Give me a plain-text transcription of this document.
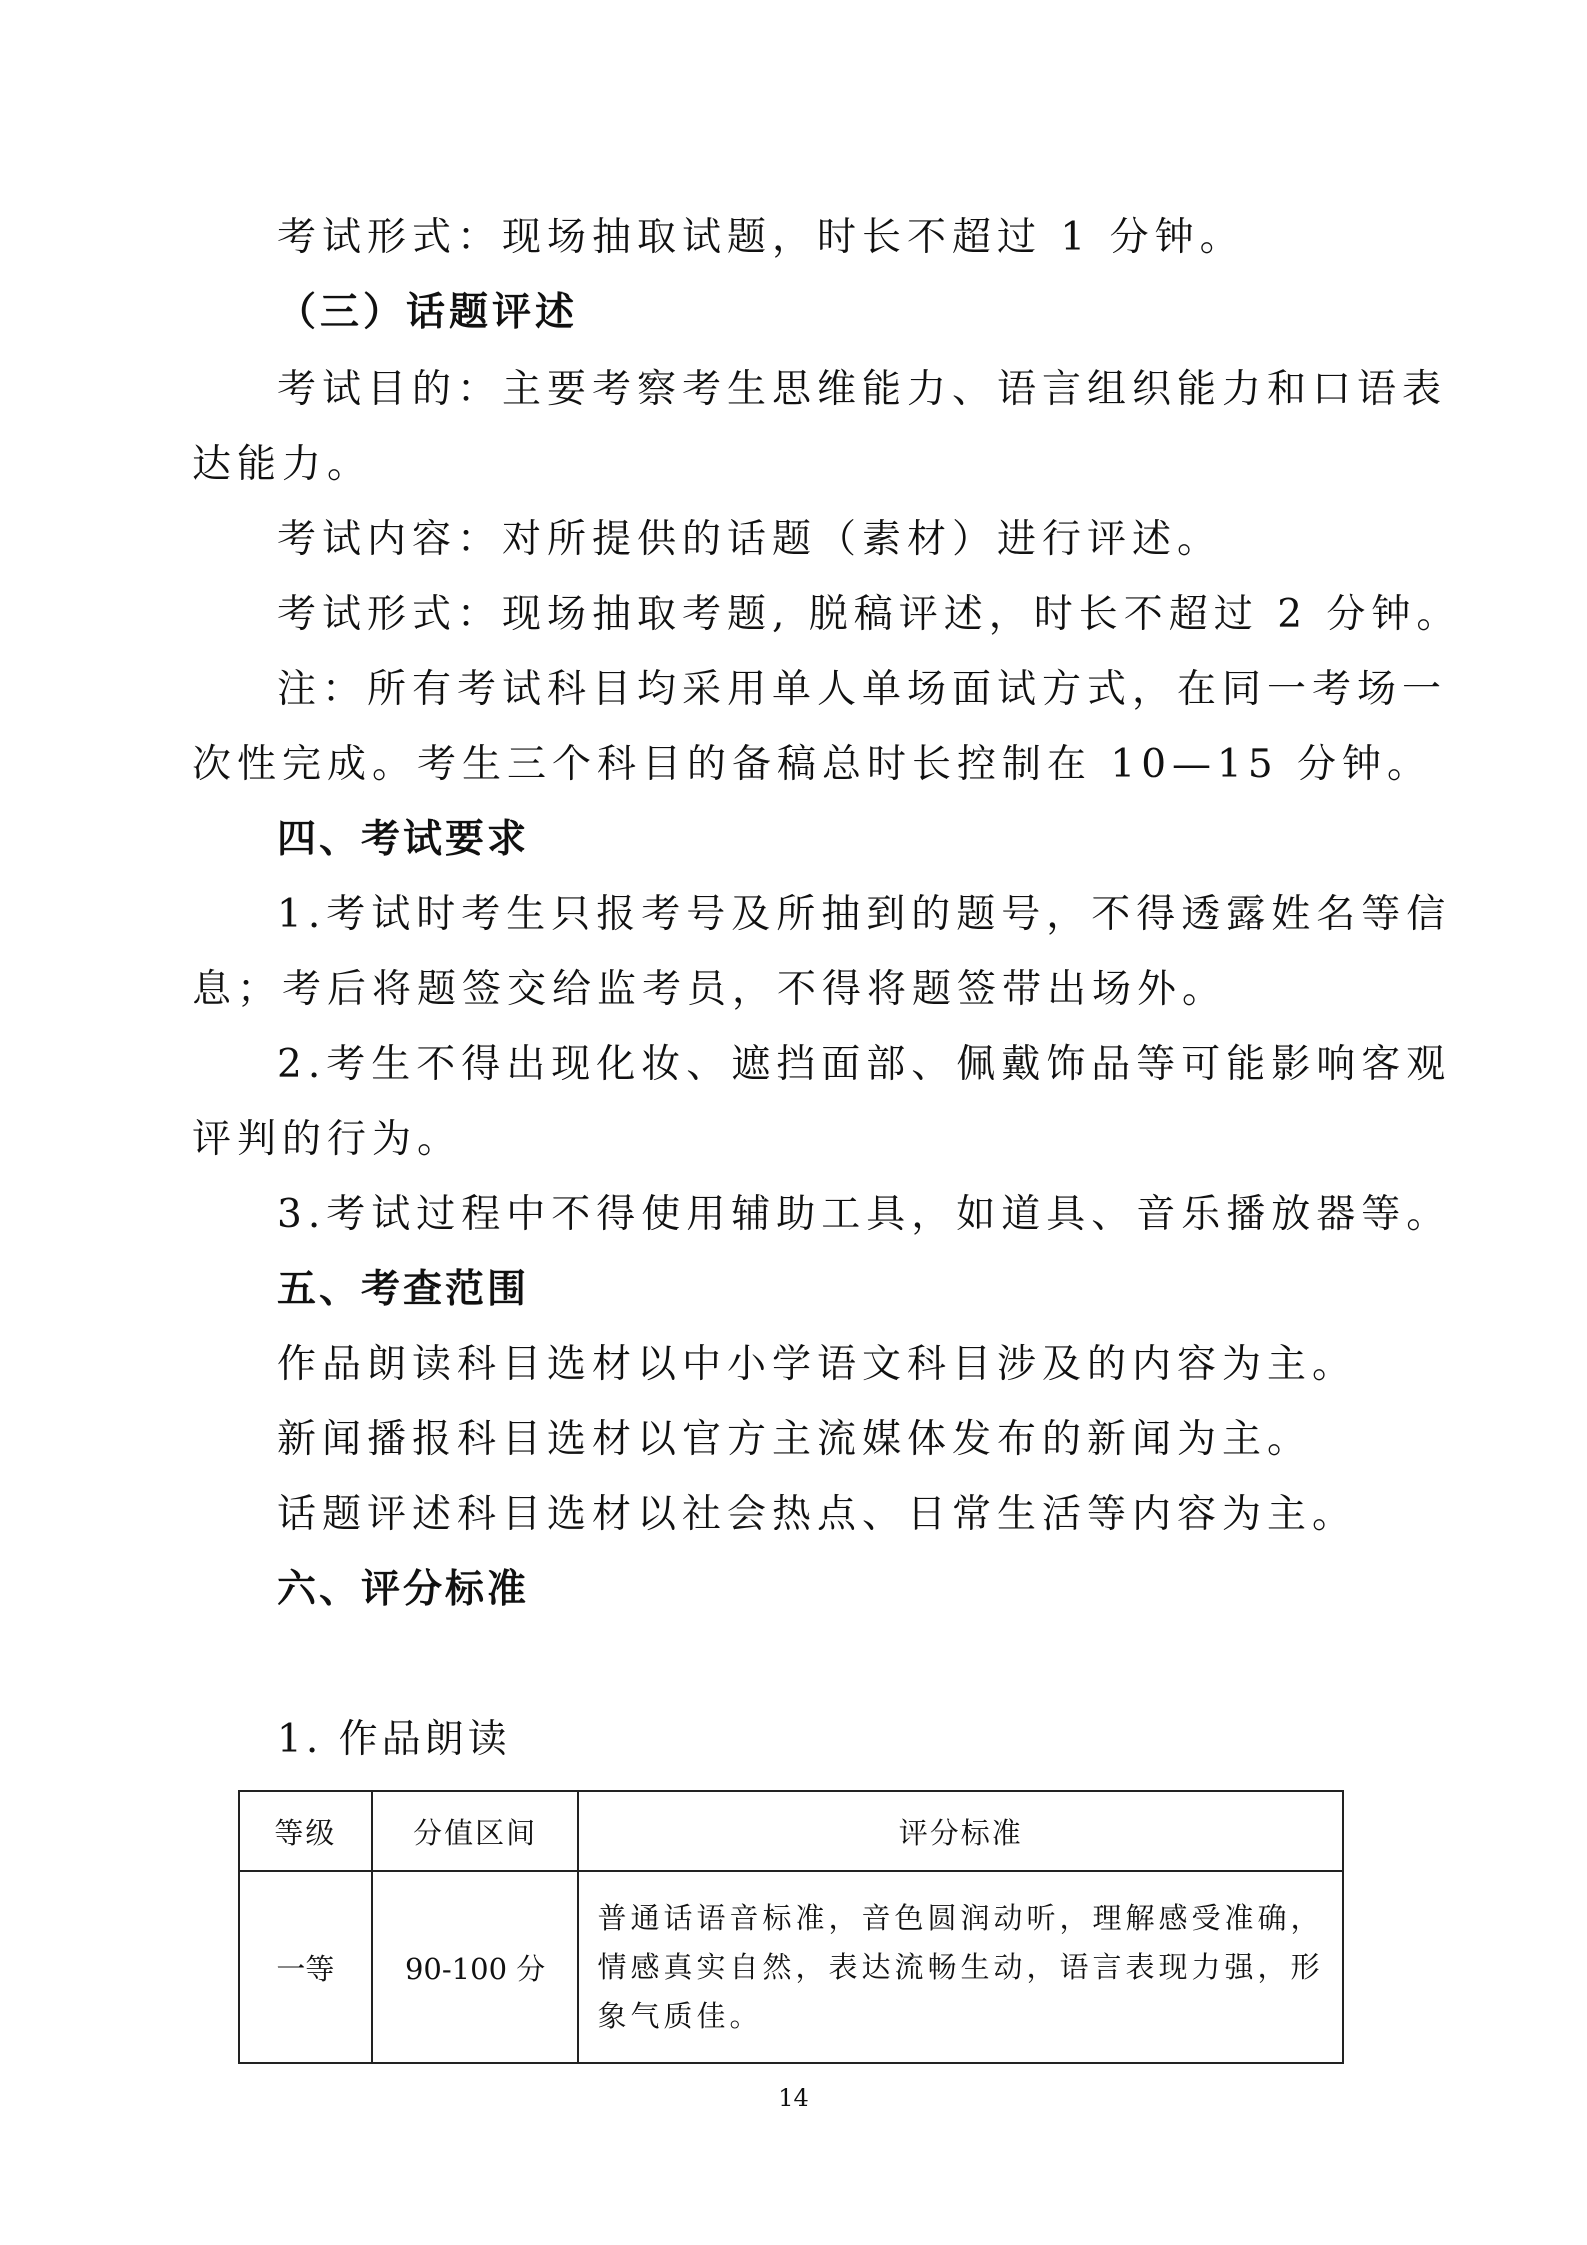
考试形式：现场抽取试题，时长不超过 1 分钟。
（三）话题评述
考试目的：主要考察考生思维能力、语言组织能力和口语表
达能力。
考试内容：对所提供的话题（素材）进行评述。
考试形式：现场抽取考题, 脱稿评述，时长不超过 2 分钟。
注：所有考试科目均采用单人单场面试方式，在同一考场一
次性完成。考生三个科目的备稿总时长控制在 10—15 分钟。
四、考试要求
1.考试时考生只报考号及所抽到的题号，不得透露姓名等信
息；考后将题签交给监考员，不得将题签带出场外。
2.考生不得出现化妆、遮挡面部、佩戴饰品等可能影响客观
评判的行为。
3.考试过程中不得使用辅助工具，如道具、音乐播放器等。
五、考查范围
作品朗读科目选材以中小学语文科目涉及的内容为主。
新闻播报科目选材以官方主流媒体发布的新闻为主。
话题评述科目选材以社会热点、日常生活等内容为主。
六、评分标准
1. 作品朗读
等级	分值区间	评分标准
一等	90-100 分	普通话语音标准，音色圆润动听，理解感受准确，情感真实自然，表达流畅生动，语言表现力强，形象气质佳。
14
